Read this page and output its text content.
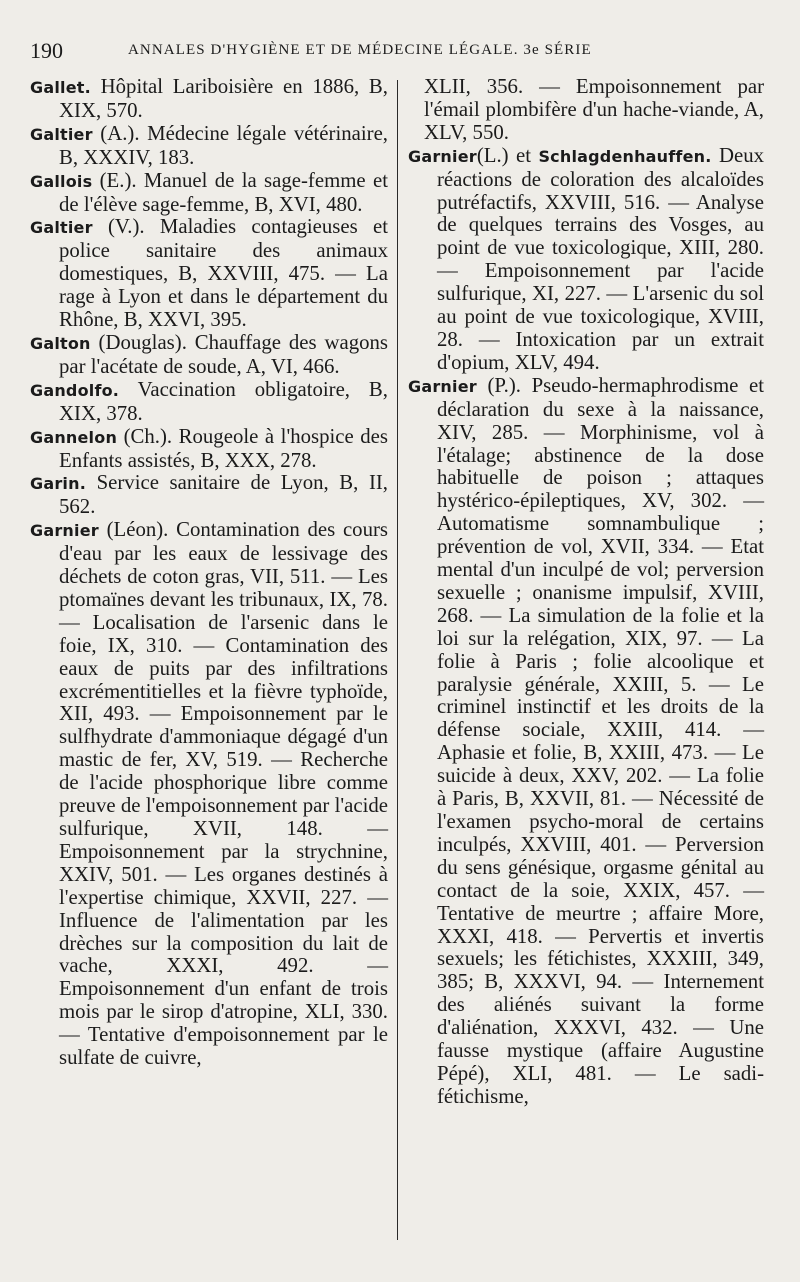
190	ANNALES D'HYGIÈNE ET DE MÉDECINE LÉGALE. 3e SÉRIE

Gallet. Hôpital Lariboisière en 1886, B, XIX, 570.

Galtier (A.). Médecine légale vétérinaire, B, XXXIV, 183.

Gallois (E.). Manuel de la sage-femme et de l'élève sage-femme, B, XVI, 480.

Galtier (V.). Maladies contagieuses et police sanitaire des animaux domestiques, B, XXVIII, 475. — La rage à Lyon et dans le département du Rhône, B, XXVI, 395.

Galton (Douglas). Chauffage des wagons par l'acétate de soude, A, VI, 466.

Gandolfo. Vaccination obligatoire, B, XIX, 378.

Gannelon (Ch.). Rougeole à l'hospice des Enfants assistés, B, XXX, 278.

Garin. Service sanitaire de Lyon, B, II, 562.

Garnier (Léon). Contamination des cours d'eau par les eaux de lessivage des déchets de coton gras, VII, 511. — Les ptomaïnes devant les tribunaux, IX, 78. — Localisation de l'arsenic dans le foie, IX, 310. — Contamination des eaux de puits par des infiltrations excrémentitielles et la fièvre typhoïde, XII, 493. — Empoisonnement par le sulfhydrate d'ammoniaque dégagé d'un mastic de fer, XV, 519. — Recherche de l'acide phosphorique libre comme preuve de l'empoisonnement par l'acide sulfurique, XVII, 148. — Empoisonnement par la strychnine, XXIV, 501. — Les organes destinés à l'expertise chimique, XXVII, 227. — Influence de l'alimentation par les drèches sur la composition du lait de vache, XXXI, 492. — Empoisonnement d'un enfant de trois mois par le sirop d'atropine, XLI, 330. — Tentative d'empoisonnement par le sulfate de cuivre,

XLII, 356. — Empoisonnement par l'émail plombifère d'un hache-viande, A, XLV, 550.

Garnier(L.) et Schlagdenhauffen. Deux réactions de coloration des alcaloïdes putréfactifs, XXVIII, 516. — Analyse de quelques terrains des Vosges, au point de vue toxicologique, XIII, 280. — Empoisonnement par l'acide sulfurique, XI, 227. — L'arsenic du sol au point de vue toxicologique, XVIII, 28. — Intoxication par un extrait d'opium, XLV, 494.

Garnier (P.). Pseudo-hermaphrodisme et déclaration du sexe à la naissance, XIV, 285. — Morphinisme, vol à l'étalage; abstinence de la dose habituelle de poison ; attaques hystérico-épileptiques, XV, 302. — Automatisme somnambulique ; prévention de vol, XVII, 334. — Etat mental d'un inculpé de vol; perversion sexuelle ; onanisme impulsif, XVIII, 268. — La simulation de la folie et la loi sur la relégation, XIX, 97. — La folie à Paris ; folie alcoolique et paralysie générale, XXIII, 5. — Le criminel instinctif et les droits de la défense sociale, XXIII, 414. — Aphasie et folie, B, XXIII, 473. — Le suicide à deux, XXV, 202. — La folie à Paris, B, XXVII, 81. — Nécessité de l'examen psycho-moral de certains inculpés, XXVIII, 401. — Perversion du sens génésique, orgasme génital au contact de la soie, XXIX, 457. — Tentative de meurtre ; affaire More, XXXI, 418. — Pervertis et invertis sexuels; les fétichistes, XXXIII, 349, 385; B, XXXVI, 94. — Internement des aliénés suivant la forme d'aliénation, XXXVI, 432. — Une fausse mystique (affaire Augustine Pépé), XLI, 481. — Le sadi-fétichisme,
